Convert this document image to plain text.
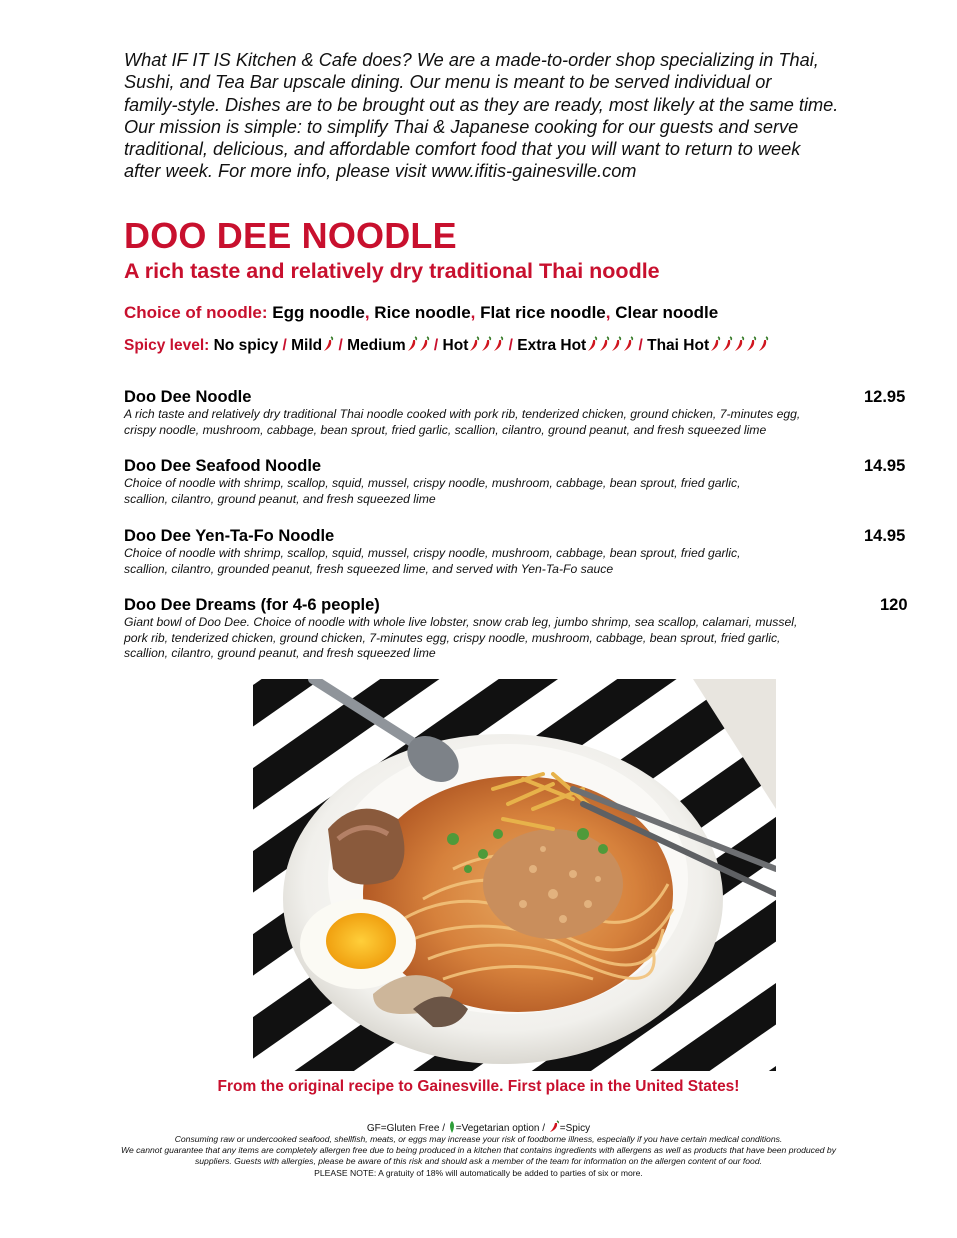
What IF IT IS Kitchen & Cafe does? We are a made-to-order shop specializing in Thai,
Sushi, and Tea Bar upscale dining. Our menu is meant to be served individual or
family-style. Dishes are to be brought out as they are ready, most likely at the same time.
Our mission is simple: to simplify Thai & Japanese cooking for our guests and serve
traditional, delicious, and affordable comfort food that you will want to return to week
after week. For more info, please visit www.ifitis-gainesville.com
DOO DEE NOODLE
A rich taste and relatively dry traditional Thai noodle
Choice of noodle: Egg noodle, Rice noodle, Flat rice noodle, Clear noodle
Spicy level: No spicy / Mild / Medium / Hot / Extra Hot	/ Thai Hot
Doo Dee Noodle	12.95
A rich taste and relatively dry traditional Thai noodle cooked with pork rib, tenderized chicken, ground chicken, 7-minutes egg,
crispy noodle, mushroom, cabbage, bean sprout, fried garlic, scallion, cilantro, ground peanut, and fresh squeezed lime
Doo Dee Seafood Noodle	14.95
Choice of noodle with shrimp, scallop, squid, mussel, crispy noodle, mushroom, cabbage, bean sprout, fried garlic,
scallion, cilantro, ground peanut, and fresh squeezed lime
Doo Dee Yen-Ta-Fo Noodle	14.95
Choice of noodle with shrimp, scallop, squid, mussel, crispy noodle, mushroom, cabbage, bean sprout, fried garlic,
scallion, cilantro, grounded peanut, fresh squeezed lime, and served with Yen-Ta-Fo sauce
Doo Dee Dreams (for 4-6 people)	120
Giant bowl of Doo Dee. Choice of noodle with whole live lobster, snow crab leg, jumbo shrimp, sea scallop, calamari, mussel,
pork rib, tenderized chicken, ground chicken, 7-minutes egg, crispy noodle, mushroom, cabbage, bean sprout, fried garlic,
scallion, cilantro, ground peanut, and fresh squeezed lime
From the original recipe to Gainesville. First place in the United States!
GF=Gluten Free / =Vegetarian option / =Spicy
Consuming raw or undercooked seafood, shellfish, meats, or eggs may increase your risk of foodborne illness, especially if you have certain medical conditions.
We cannot guarantee that any items are completely allergen free due to being produced in a kitchen that contains ingredients with allergens as well as products that have been produced by
suppliers. Guests with allergies, please be aware of this risk and should ask a member of the team for information on the allergen content of our food.
PLEASE NOTE: A gratuity of 18% will automatically be added to parties of six or more.
